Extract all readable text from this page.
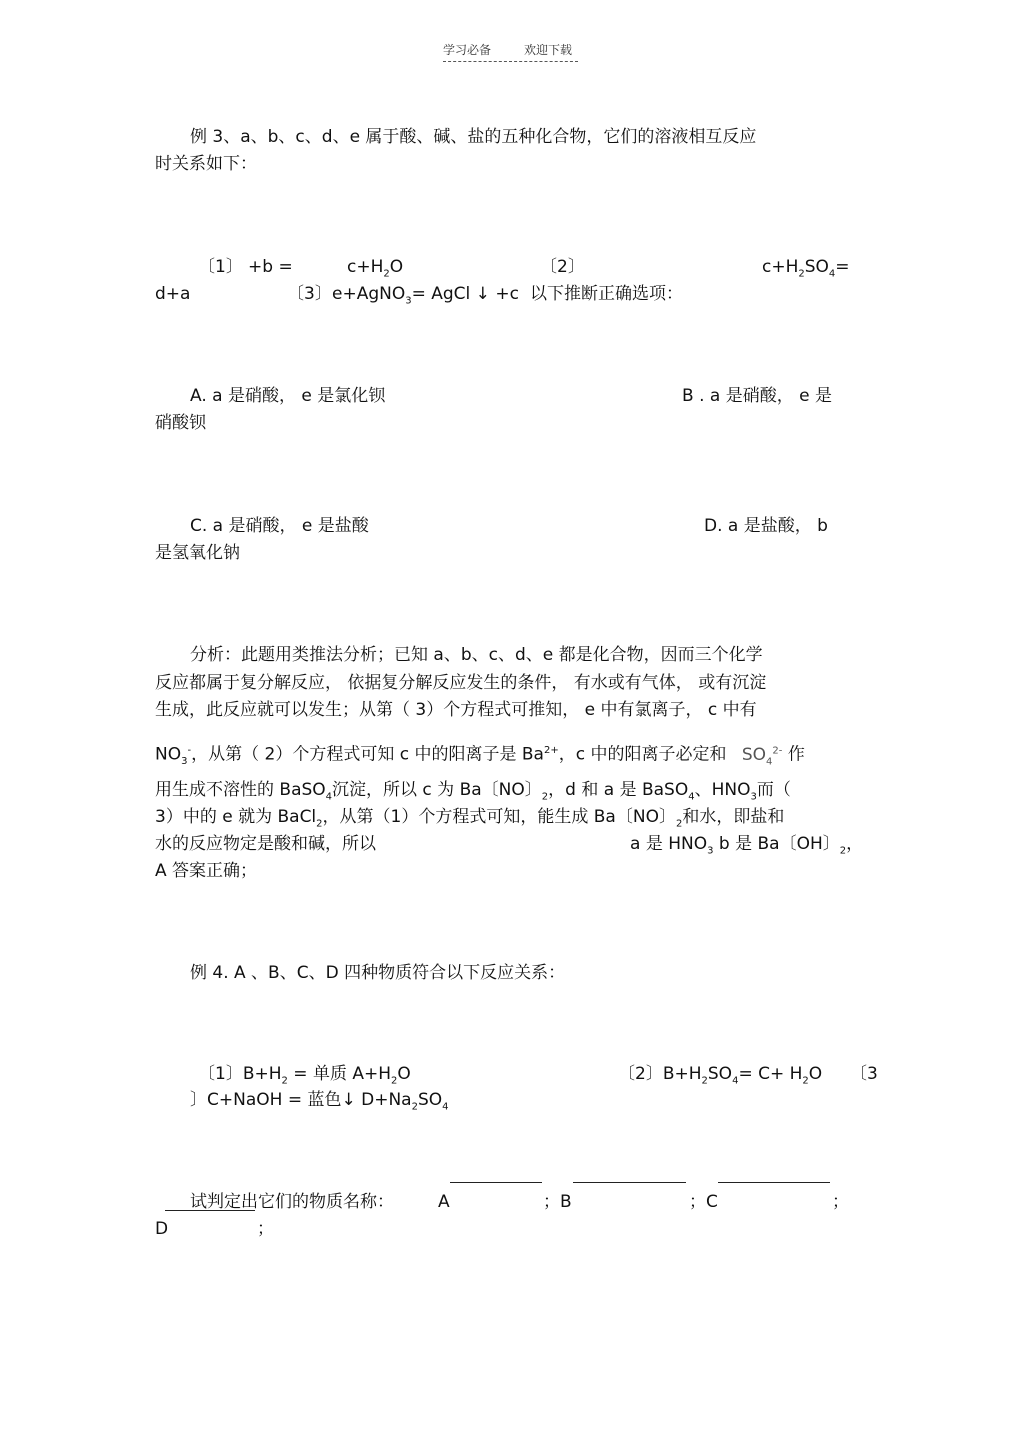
学习必备	欢迎下载
例 3、a、b、c、d、e 属于酸、碱、盐的五种化合物，它们的溶液相互反应
时关系如下：
〔1〕 +b =	$c+H_2O$	〔2〕	$c+H_2SO_4=$
d+a	〔3〕 e+AgNO$_3$= AgCl ↓ +c 以下推断正确选项：
A. a 是硝酸， e 是氯化钡	B . a 是硝酸， e 是
硝酸钡
C. a 是硝酸， e 是盐酸	D. a 是盐酸， b
是氢氧化钠
分析：此题用类推法分析；已知 a、b、c、d、e 都是化合物，因而三个化学
反应都属于复分解反应， 依据复分解反应发生的条件， 有水或有气体， 或有沉淀
生成，此反应就可以发生；从第（ 3）个方程式可推知， e 中有氯离子， c 中有
$NO_3^-$，从第（ 2）个方程式可知 c 中的阳离子是 $Ba^{2+}$，c 中的阳离子必定和 $SO_4^{2-}$ 作
用生成不溶性的 BaSO$_4$沉淀，所以 c 为 Ba〔NO〕$_2$，d 和 a 是 BaSO$_4$、$HNO_3$而（
3）中的 e 就为 BaCl$_2$，从第（1）个方程式可知，能生成 Ba〔NO〕$_2$和水，即盐和
水的反应物定是酸和碱，所以	a 是 $HNO_3$ b 是 Ba〔OH〕$_2$，
A 答案正确；
例 4. A 、B、C、D 四种物质符合以下反应关系：
〔1〕$B+H_2$ = 单质 $A+H_2O$	〔2〕$B+H_2SO_4= C+ H_2O$ 〔3
〕C+NaOH = 蓝色↓ $D+Na_2SO_4$
试判定出它们的物质名称：	A	；B	；C	；
D	；
